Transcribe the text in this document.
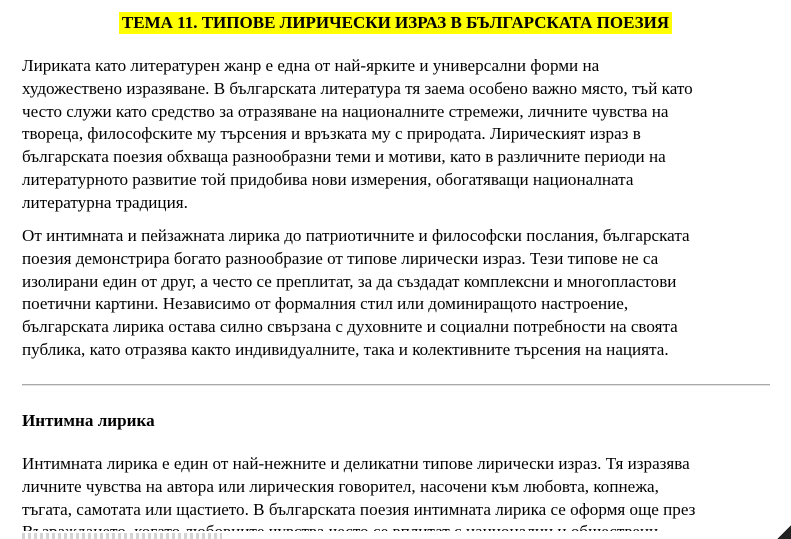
ТЕМА 11. ТИПОВЕ ЛИРИЧЕСКИ ИЗРАЗ В БЪЛГАРСКАТА ПОЕЗИЯ

Лириката като литературен жанр е една от най-ярките и универсални форми на
художествено изразяване. В българската литература тя заема особено важно място, тъй като
често служи като средство за отразяване на националните стремежи, личните чувства на
твореца, философските му търсения и връзката му с природата. Лирическият израз в
българската поезия обхваща разнообразни теми и мотиви, като в различните периоди на
литературното развитие той придобива нови измерения, обогатяващи националната
литературна традиция.

От интимната и пейзажната лирика до патриотичните и философски послания, българската
поезия демонстрира богато разнообразие от типове лирически израз. Тези типове не са
изолирани един от друг, а често се преплитат, за да създадат комплексни и многопластови
поетични картини. Независимо от формалния стил или доминиращото настроение,
българската лирика остава силно свързана с духовните и социални потребности на своята
публика, като отразява както индивидуалните, така и колективните търсения на нацията.

Интимна лирика

Интимната лирика е един от най-нежните и деликатни типове лирически израз. Тя изразява
личните чувства на автора или лирическия говорител, насочени към любовта, копнежа,
тъгата, самотата или щастието. В българската поезия интимната лирика се оформя още през
